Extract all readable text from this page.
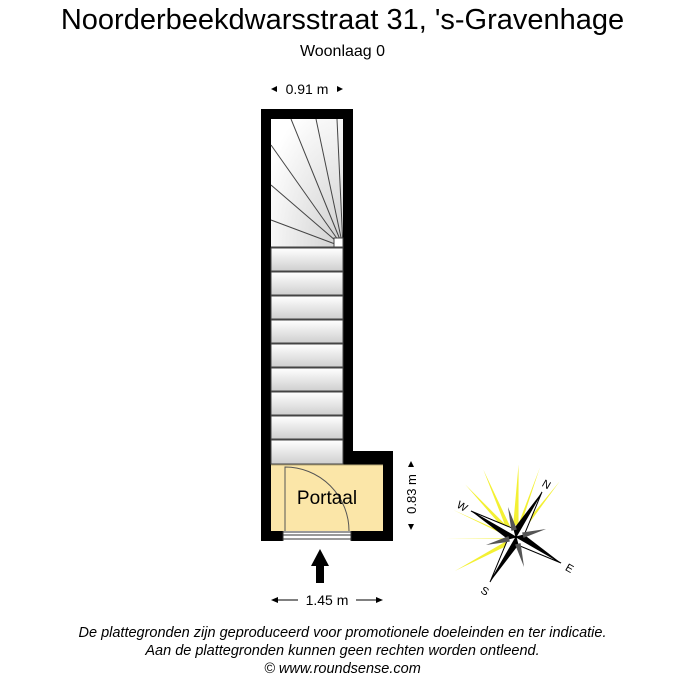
Noorderbeekdwarsstraat 31, 's-Gravenhage
Woonlaag 0
0.91 m
Portaal	0.83 m
1.45 m
N
E
S
W
De plattegronden zijn geproduceerd voor promotionele doeleinden en ter indicatie.
Aan de plattegronden kunnen geen rechten worden ontleend.
© www.roundsense.com
